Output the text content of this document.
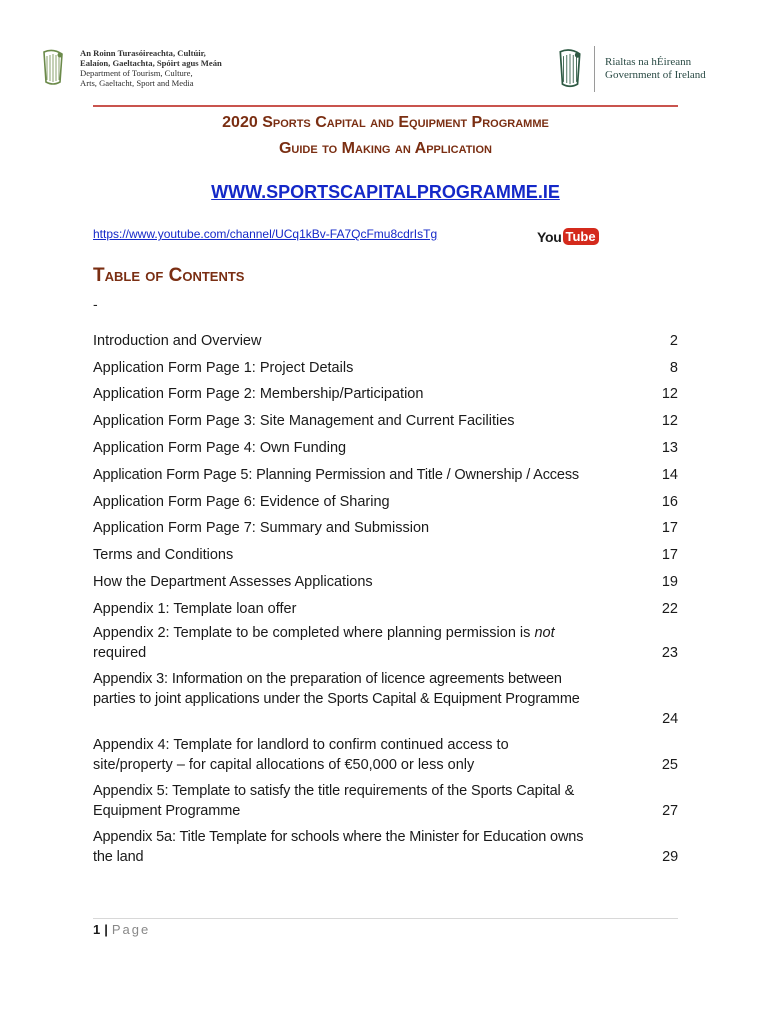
An Roinn Turasóireachta, Cultúir,
Ealaíon, Gaeltachta, Spóirt agus Meán
Department of Tourism, Culture,
Arts, Gaeltacht, Sport and Media
Rialtas na hÉireann
Government of Ireland
2020 Sports Capital and Equipment Programme
Guide to Making an Application
WWW.SPORTSCAPITALPROGRAMME.IE
https://www.youtube.com/channel/UCq1kBv-FA7QcFmu8cdrIsTg	You Tube
Table of Contents
-
Introduction and Overview	2
Application Form Page 1: Project Details	8
Application Form Page 2: Membership/Participation	12
Application Form Page 3: Site Management and Current Facilities	12
Application Form Page 4: Own Funding	13
Application Form Page 5: Planning Permission and Title / Ownership / Access	14
Application Form Page 6: Evidence of Sharing	16
Application Form Page 7: Summary and Submission	17
Terms and Conditions	17
How the Department Assesses Applications	19
Appendix 1: Template loan offer	22
Appendix 2: Template to be completed where planning permission is not
required	23
Appendix 3: Information on the preparation of licence agreements between
parties to joint applications under the Sports Capital & Equipment Programme
24
Appendix 4: Template for landlord to confirm continued access to
site/property – for capital allocations of €50,000 or less only	25
Appendix 5: Template to satisfy the title requirements of the Sports Capital &
Equipment Programme	27
Appendix 5a: Title Template for schools where the Minister for Education owns
the land	29
1 | Page
